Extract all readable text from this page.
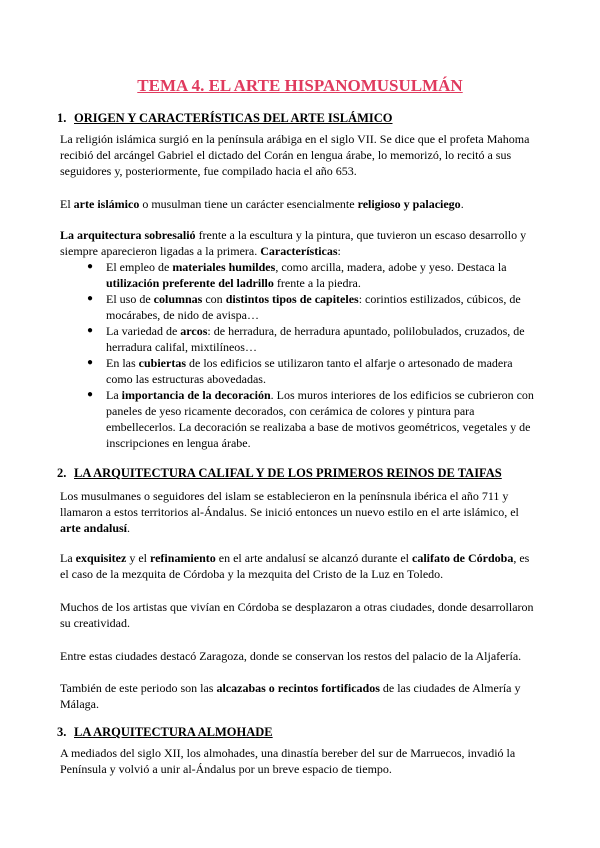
TEMA 4. EL ARTE HISPANOMUSULMÁN
1. ORIGEN Y CARACTERÍSTICAS DEL ARTE ISLÁMICO
La religión islámica surgió en la península arábiga en el siglo VII. Se dice que el profeta Mahoma recibió del arcángel Gabriel el dictado del Corán en lengua árabe, lo memorizó, lo recitó a sus seguidores y, posteriormente, fue compilado hacia el año 653.
El arte islámico o musulman tiene un carácter esencialmente religioso y palaciego.
La arquitectura sobresalió frente a la escultura y la pintura, que tuvieron un escaso desarrollo y siempre aparecieron ligadas a la primera. Características:
● El empleo de materiales humildes, como arcilla, madera, adobe y yeso. Destaca la utilización preferente del ladrillo frente a la piedra.
● El uso de columnas con distintos tipos de capiteles: corintios estilizados, cúbicos, de mocárabes, de nido de avispa…
● La variedad de arcos: de herradura, de herradura apuntado, polilobulados, cruzados, de herradura califal, mixtilíneos…
● En las cubiertas de los edificios se utilizaron tanto el alfarje o artesonado de madera como las estructuras abovedadas.
● La importancia de la decoración. Los muros interiores de los edificios se cubrieron con paneles de yeso ricamente decorados, con cerámica de colores y pintura para embellecerlos. La decoración se realizaba a base de motivos geométricos, vegetales y de inscripciones en lengua árabe.
2. LA ARQUITECTURA CALIFAL Y DE LOS PRIMEROS REINOS DE TAIFAS
Los musulmanes o seguidores del islam se establecieron en la penínsnula ibérica el año 711 y llamaron a estos territorios al-Ándalus. Se inició entonces un nuevo estilo en el arte islámico, el arte andalusí.
La exquisitez y el refinamiento en el arte andalusí se alcanzó durante el califato de Córdoba, es el caso de la mezquita de Córdoba y la mezquita del Cristo de la Luz en Toledo.
Muchos de los artistas que vivían en Córdoba se desplazaron a otras ciudades, donde desarrollaron su creatividad.
Entre estas ciudades destacó Zaragoza, donde se conservan los restos del palacio de la Aljafería.
También de este periodo son las alcazabas o recintos fortificados de las ciudades de Almería y Málaga.
3. LA ARQUITECTURA ALMOHADE
A mediados del siglo XII, los almohades, una dinastía bereber del sur de Marruecos, invadió la Península y volvió a unir al-Ándalus por un breve espacio de tiempo.
